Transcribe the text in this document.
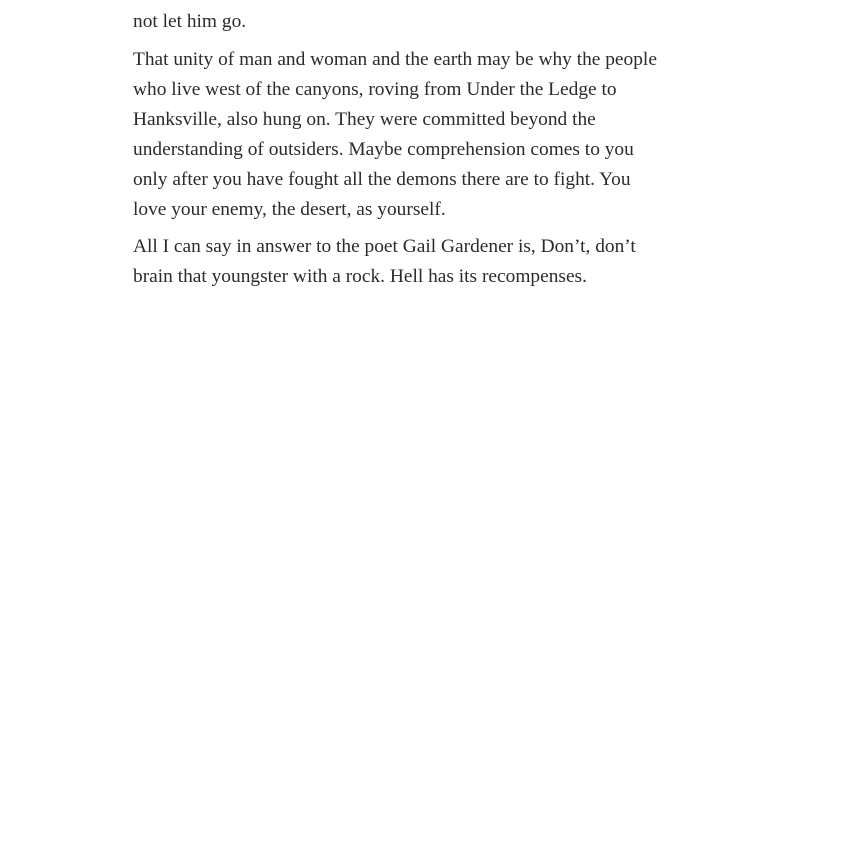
not let him go.

That unity of man and woman and the earth may be why the people
who live west of the canyons, roving from Under the Ledge to
Hanksville, also hung on. They were committed beyond the
understanding of outsiders. Maybe comprehension comes to you
only after you have fought all the demons there are to fight. You
love your enemy, the desert, as yourself.
All I can say in answer to the poet Gail Gardener is, Don’t, don’t
brain that youngster with a rock. Hell has its recompenses.
